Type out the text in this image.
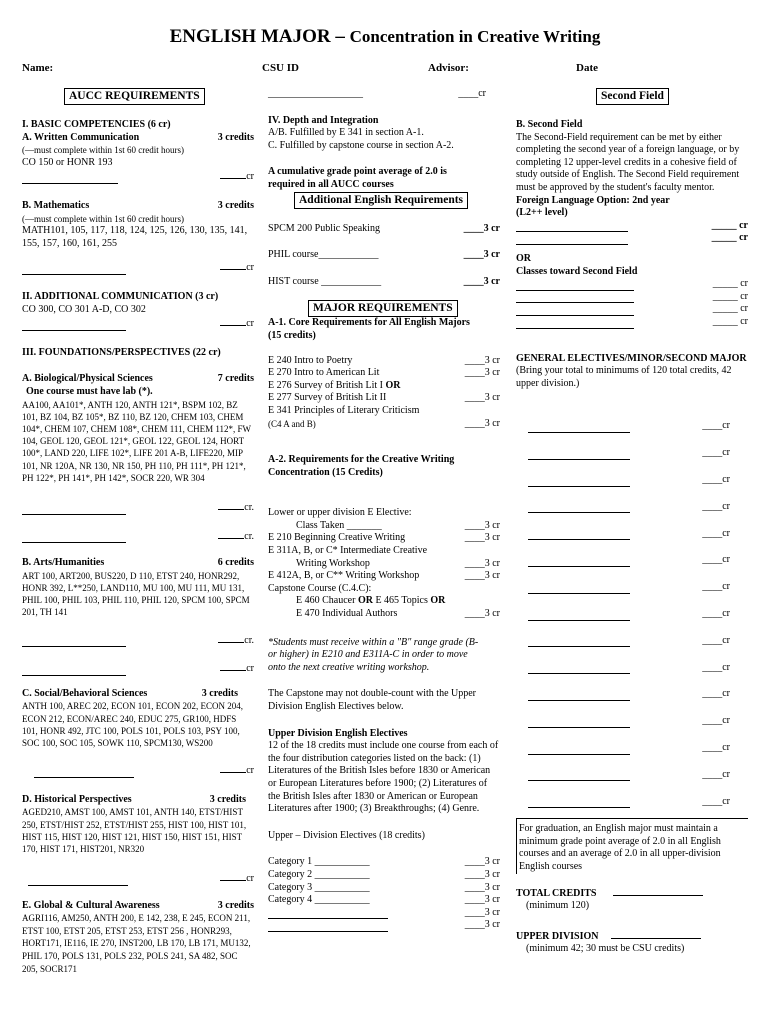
ENGLISH MAJOR – Concentration in Creative Writing
Name:	CSU ID	Advisor:	Date
AUCC REQUIREMENTS

I. BASIC COMPETENCIES (6 cr)

A. Written Communication	3 credits

(—must complete within 1st 60 credit hours)

CO 150 or HONR 193

cr
B. Mathematics	3 credits

(—must complete within 1st 60 credit hours)

MATH101, 105, 117, 118, 124, 125, 126, 130, 135, 141, 155, 157, 160, 161, 255

cr

II. ADDITIONAL COMMUNICATION (3 cr)

CO 300, CO 301 A-D, CO 302

cr

III. FOUNDATIONS/PERSPECTIVES (22 cr)

A. Biological/Physical Sciences	7 credits

One course must have lab (*).

AA100, AA101*, ANTH 120, ANTH 121*, BSPM 102, BZ 101, BZ 104, BZ 105*, BZ 110, BZ 120, CHEM 103, CHEM 104*, CHEM 107, CHEM 108*, CHEM 111, CHEM 112*, FW 104, GEOL 120, GEOL 121*, GEOL 122, GEOL 124, HORT 100*, LAND 220, LIFE 102*, LIFE 201 A-B, LIFE220, MIP 101, NR 120A, NR 130, NR 150, PH 110, PH 111*, PH 121*, PH 122*, PH 141*, PH 142*, SOCR 220, WR 304

cr.
cr.
B. Arts/Humanities	6 credits

ART 100, ART200, BUS220, D 110, ETST 240, HONR292, HONR 392, L**250, LAND110, MU 100, MU 111, MU 131, PHIL 100, PHIL 103, PHIL 110, PHIL 120, SPCM 100, SPCM 201, TH 141

cr.
cr
C. Social/Behavioral Sciences	3 credits

ANTH 100, AREC 202, ECON 101, ECON 202, ECON 204, ECON 212, ECON/AREC 240, EDUC 275, GR100, HDFS 101, HONR 492, JTC 100, POLS 101, POLS 103, PSY 100, SOC 100, SOC 105, SOWK 110, SPCM130, WS200

cr
D. Historical Perspectives	3 credits

AGED210, AMST 100, AMST 101, ANTH 140, ETST/HIST 250, ETST/HIST 252, ETST/HIST 255, HIST 100, HIST 101, HIST 115, HIST 120, HIST 121, HIST 150, HIST 151, HIST 170, HIST 171, HIST201, NR320

cr
E. Global & Cultural Awareness	3 credits

AGRI116, AM250, ANTH 200, E 142, 238, E 245, ECON 211, ETST 100, ETST 205, ETST 253, ETST 256 , HONR293, HORT171, IE116, IE 270, INST200, LB 170, LB 171, MU132, PHIL 170, POLS 131, POLS 232, POLS 241, SA 482, SOC 205, SOCR171

___________________	____cr

IV. Depth and Integration

A/B. Fulfilled by E 341 in section A-1.

C. Fulfilled by capstone course in section A-2.

A cumulative grade point average of 2.0 is required in all AUCC courses

Additional English Requirements
SPCM 200 Public Speaking	____3 cr
PHIL course____________	____3 cr
HIST course ____________	____3 cr
MAJOR REQUIREMENTS

A-1. Core Requirements for All English Majors (15 credits)

E 240 Intro to Poetry	____3 cr
E 270 Intro to American Lit	____3 cr
E 276 Survey of British Lit I OR
E 277 Survey of British Lit II	____3 cr

E 341 Principles of Literary Criticism

(C4 A and B)	____3 cr

A-2. Requirements for the Creative Writing Concentration (15 Credits)

Lower or upper division E Elective:

Class Taken _______	____3 cr
E 210 Beginning Creative Writing	____3 cr

E 311A, B, or C* Intermediate Creative

Writing Workshop	____3 cr
E 412A, B, or C** Writing Workshop	____3 cr

Capstone Course (C.4.C):

E 460 Chaucer OR E 465 Topics OR
E 470 Individual Authors	____3 cr

*Students must receive within a "B" range grade (B- or higher) in E210 and E311A-C in order to move onto the next creative writing workshop.

The Capstone may not double-count with the Upper Division English Electives below.

Upper Division English Electives

12 of the 18 credits must include one course from each of the four distribution categories listed on the back: (1) Literatures of the British Isles before 1830 or American or European Literatures before 1900; (2) Literatures of the British Isles after 1830 or American or European Literatures after 1900; (3) Breakthroughs; (4) Genre.

Upper – Division Electives (18 credits)

Category 1 ___________	____3 cr
Category 2 ___________	____3 cr
Category 3 ___________	____3 cr
Category 4 ___________	____3 cr
____3 cr
____3 cr
Second Field

B. Second Field

The Second-Field requirement can be met by either completing the second year of a foreign language, or by completing 12 upper-level credits in a cohesive field of study outside of English. The Second Field requirement must be approved by the student's faculty mentor.

Foreign Language Option: 2nd year

(L2++ level)

_____ cr
_____ cr

OR

Classes toward Second Field

_____ cr
_____ cr
_____ cr
_____ cr

GENERAL ELECTIVES/MINOR/SECOND MAJOR

(Bring your total to minimums of 120 total credits, 42 upper division.)

____cr
____cr
____cr
____cr
____cr
____cr
____cr
____cr
____cr
____cr
____cr
____cr
____cr
____cr
____cr

For graduation, an English major must maintain a minimum grade point average of 2.0 in all English courses and an average of 2.0 in all upper-division English courses

TOTAL CREDITS

(minimum 120)

UPPER DIVISION

(minimum 42; 30 must be CSU credits)
